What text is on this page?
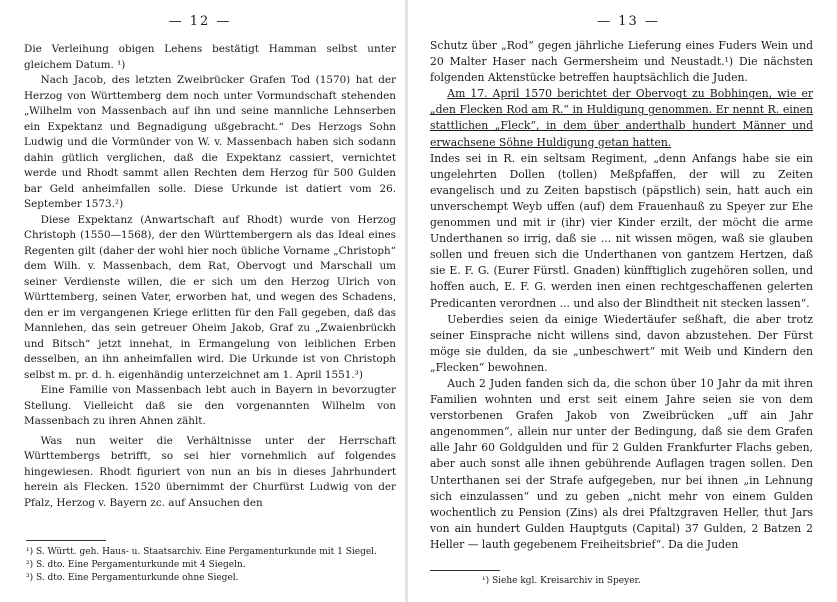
— 12 —

Die Verleihung obigen Lehens bestätigt Hamman selbst unter gleichem Datum. ¹)

Nach Jacob, des letzten Zweibrücker Grafen Tod (1570) hat der Herzog von Württemberg dem noch unter Vormundschaft stehenden „Wilhelm von Massenbach auf ihn und seine mannliche Lehnserben ein Expektanz und Begnadigung ußgebracht.“ Des Herzogs Sohn Ludwig und die Vormünder von W. v. Massenbach haben sich sodann dahin gütlich verglichen, daß die Expektanz cassiert, vernichtet werde und Rhodt sammt allen Rechten dem Herzog für 500 Gulden bar Geld anheimfallen solle. Diese Urkunde ist datiert vom 26. September 1573.²)

Diese Expektanz (Anwartschaft auf Rhodt) wurde von Herzog Christoph (1550—1568), der den Württembergern als das Ideal eines Regenten gilt (daher der wohl hier noch übliche Vorname „Christoph“ dem Wilh. v. Massenbach, dem Rat, Obervogt und Marschall um seiner Verdienste willen, die er sich um den Herzog Ulrich von Württemberg, seinen Vater, erworben hat, und wegen des Schadens, den er im vergangenen Kriege erlitten für den Fall gegeben, daß das Mannlehen, das sein getreuer Oheim Jakob, Graf zu „Zwaienbrückh und Bitsch“ jetzt innehat, in Ermangelung von leiblichen Erben desselben, an ihn anheimfallen wird. Die Urkunde ist von Christoph selbst m. pr. d. h. eigenhändig unterzeichnet am 1. April 1551.³)

Eine Familie von Massenbach lebt auch in Bayern in bevorzugter Stellung. Vielleicht daß sie den vorgenannten Wilhelm von Massenbach zu ihren Ahnen zählt.

Was nun weiter die Verhältnisse unter der Herrschaft Württembergs betrifft, so sei hier vornehmlich auf folgendes hingewiesen. Rhodt figuriert von nun an bis in dieses Jahrhundert herein als Flecken. 1520 übernimmt der Churfürst Ludwig von der Pfalz, Herzog v. Bayern zc. auf Ansuchen den

¹) S. Württ. geh. Haus- u. Staatsarchiv. Eine Pergamenturkunde mit 1 Siegel.

²) S. dto. Eine Pergamenturkunde mit 4 Siegeln.

³) S. dto. Eine Pergamenturkunde ohne Siegel.

— 13 —

Schutz über „Rod“ gegen jährliche Lieferung eines Fuders Wein und 20 Malter Haser nach Germersheim und Neustadt.¹) Die nächsten folgenden Aktenstücke betreffen hauptsächlich die Juden.

Am 17. April 1570 berichtet der Obervogt zu Bobhingen, wie er „den Flecken Rod am R.“ in Huldigung genommen. Er nennt R. einen stattlichen „Fleck“, in dem über anderthalb hundert Männer und erwachsene Söhne Huldigung getan hatten.

Indes sei in R. ein seltsam Regiment, „denn Anfangs habe sie ein ungelehrten Dollen (tollen) Meßpfaffen, der will zu Zeiten evangelisch und zu Zeiten bapstisch (päpstlich) sein, hatt auch ein unverschempt Weyb uffen (auf) dem Frauenhauß zu Speyer zur Ehe genommen und mit ir (ihr) vier Kinder erzilt, der möcht die arme Underthanen so irrig, daß sie ... nit wissen mögen, waß sie glauben sollen und freuen sich die Underthanen von gantzem Hertzen, daß sie E. F. G. (Eurer Fürstl. Gnaden) künfftiglich zugehören sollen, und hoffen auch, E. F. G. werden inen einen rechtgeschaffenen gelerten Predicanten verordnen ... und also der Blindtheit nit stecken lassen“.

Ueberdies seien da einige Wiedertäufer seßhaft, die aber trotz seiner Einsprache nicht willens sind, davon abzustehen. Der Fürst möge sie dulden, da sie „unbeschwert“ mit Weib und Kindern den „Flecken“ bewohnen.

Auch 2 Juden fanden sich da, die schon über 10 Jahr da mit ihren Familien wohnten und erst seit einem Jahre seien sie von dem verstorbenen Grafen Jakob von Zweibrücken „uff ain Jahr angenommen“, allein nur unter der Bedingung, daß sie dem Grafen alle Jahr 60 Goldgulden und für 2 Gulden Frankfurter Flachs geben, aber auch sonst alle ihnen gebührende Auflagen tragen sollen. Den Unterthanen sei der Strafe aufgegeben, nur bei ihnen „in Lehnung sich einzulassen“ und zu geben „nicht mehr von einem Gulden wochentlich zu Pension (Zins) als drei Pfaltzgraven Heller, thut Jars von ain hundert Gulden Hauptguts (Capital) 37 Gulden, 2 Batzen 2 Heller — lauth gegebenem Freiheitsbrief“. Da die Juden

¹) Siehe kgl. Kreisarchiv in Speyer.
